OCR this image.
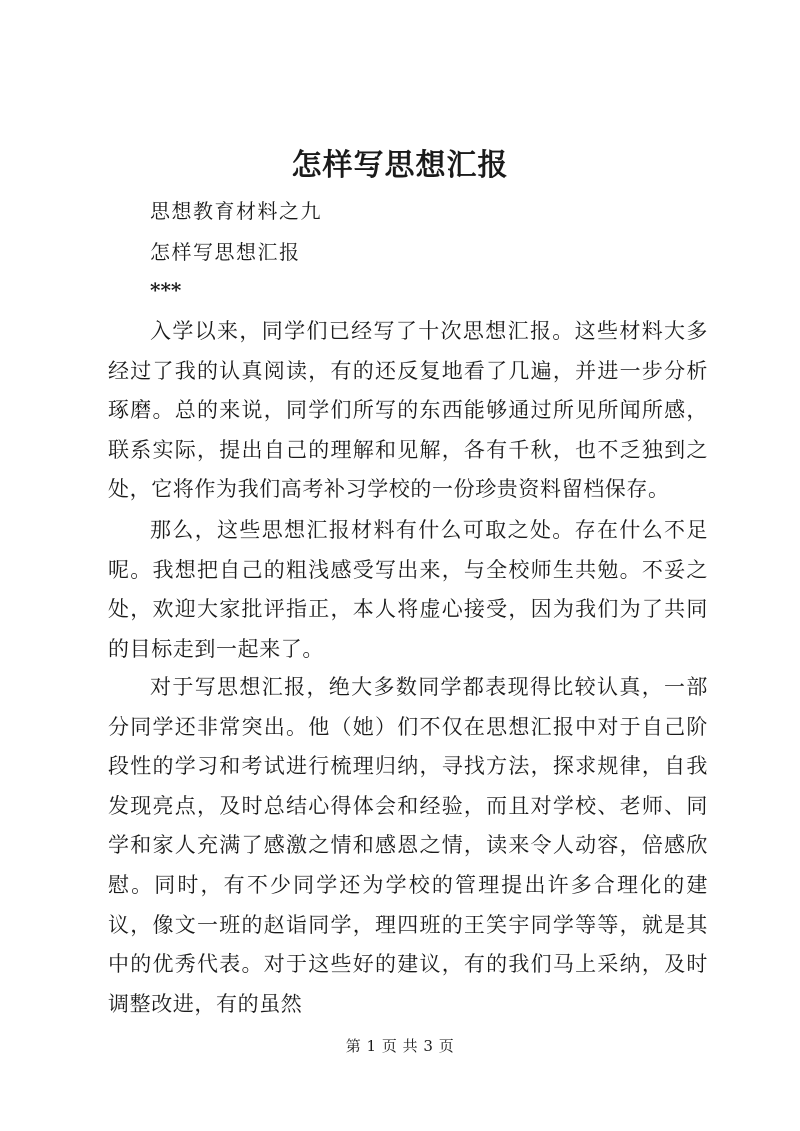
怎样写思想汇报
思想教育材料之九
怎样写思想汇报
***

入学以来，同学们已经写了十次思想汇报。这些材料大多经过了我的认真阅读，有的还反复地看了几遍，并进一步分析琢磨。总的来说，同学们所写的东西能够通过所见所闻所感，联系实际，提出自己的理解和见解，各有千秋，也不乏独到之处，它将作为我们高考补习学校的一份珍贵资料留档保存。

那么，这些思想汇报材料有什么可取之处。存在什么不足呢。我想把自己的粗浅感受写出来，与全校师生共勉。不妥之处，欢迎大家批评指正，本人将虚心接受，因为我们为了共同的目标走到一起来了。

对于写思想汇报，绝大多数同学都表现得比较认真，一部分同学还非常突出。他（她）们不仅在思想汇报中对于自己阶段性的学习和考试进行梳理归纳，寻找方法，探求规律，自我发现亮点，及时总结心得体会和经验，而且对学校、老师、同学和家人充满了感激之情和感恩之情，读来令人动容，倍感欣慰。同时，有不少同学还为学校的管理提出许多合理化的建议，像文一班的赵诣同学，理四班的王笑宇同学等等，就是其中的优秀代表。对于这些好的建议，有的我们马上采纳，及时调整改进，有的虽然

第 1 页 共 3 页
